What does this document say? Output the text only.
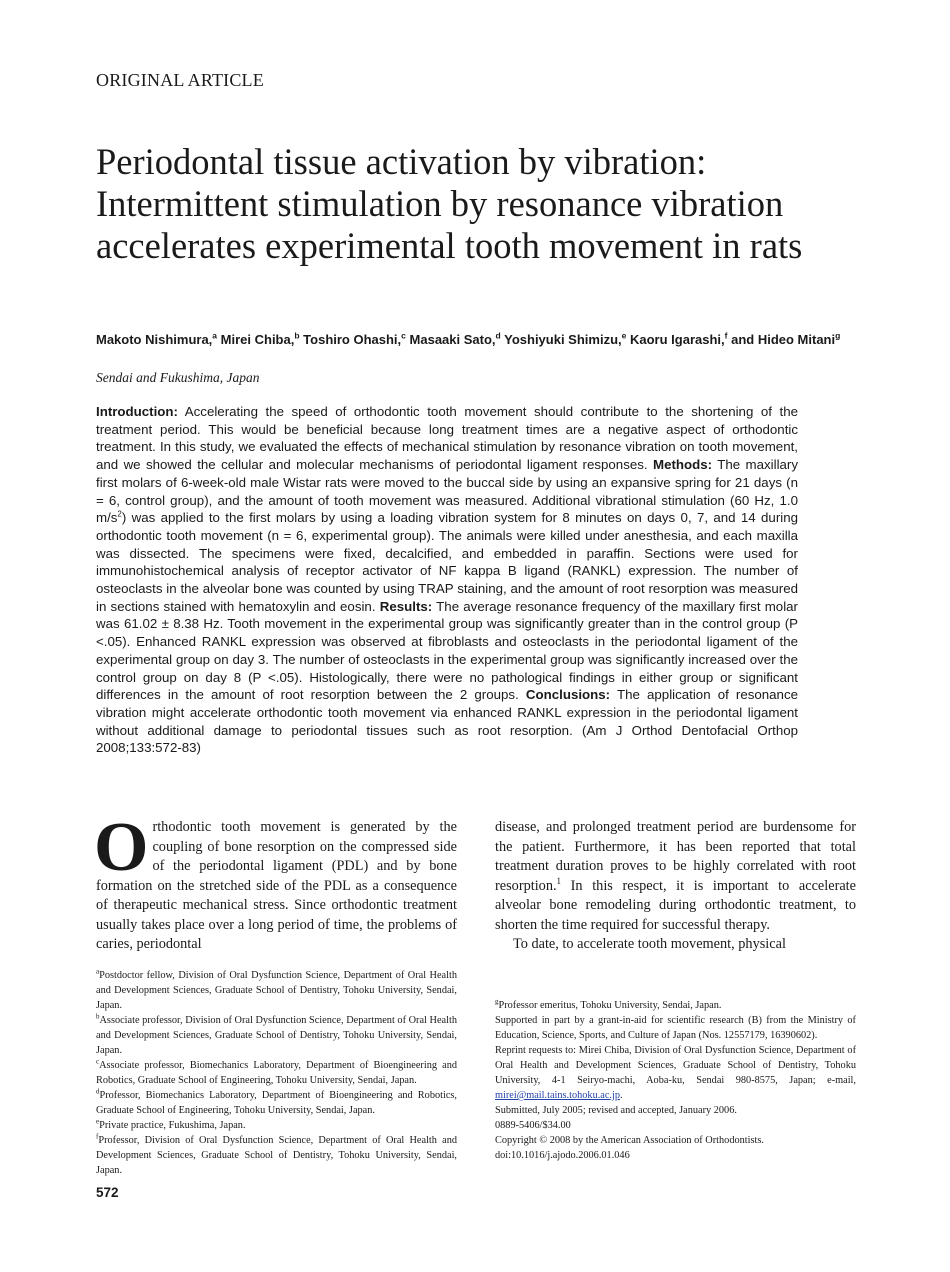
ORIGINAL ARTICLE
Periodontal tissue activation by vibration: Intermittent stimulation by resonance vibration accelerates experimental tooth movement in rats
Makoto Nishimura,$^a$ Mirei Chiba,$^b$ Toshiro Ohashi,$^c$ Masaaki Sato,$^d$ Yoshiyuki Shimizu,$^e$ Kaoru Igarashi,$^f$ and Hideo Mitani$^g$
Sendai and Fukushima, Japan
Introduction: Accelerating the speed of orthodontic tooth movement should contribute to the shortening of the treatment period. This would be beneficial because long treatment times are a negative aspect of orthodontic treatment. In this study, we evaluated the effects of mechanical stimulation by resonance vibration on tooth movement, and we showed the cellular and molecular mechanisms of periodontal ligament responses. Methods: The maxillary first molars of 6-week-old male Wistar rats were moved to the buccal side by using an expansive spring for 21 days (n = 6, control group), and the amount of tooth movement was measured. Additional vibrational stimulation (60 Hz, 1.0 $m/s^2$) was applied to the first molars by using a loading vibration system for 8 minutes on days 0, 7, and 14 during orthodontic tooth movement (n = 6, experimental group). The animals were killed under anesthesia, and each maxilla was dissected. The specimens were fixed, decalcified, and embedded in paraffin. Sections were used for immunohistochemical analysis of receptor activator of NF kappa B ligand (RANKL) expression. The number of osteoclasts in the alveolar bone was counted by using TRAP staining, and the amount of root resorption was measured in sections stained with hematoxylin and eosin. Results: The average resonance frequency of the maxillary first molar was 61.02 ± 8.38 Hz. Tooth movement in the experimental group was significantly greater than in the control group (P <.05). Enhanced RANKL expression was observed at fibroblasts and osteoclasts in the periodontal ligament of the experimental group on day 3. The number of osteoclasts in the experimental group was significantly increased over the control group on day 8 (P <.05). Histologically, there were no pathological findings in either group or significant differences in the amount of root resorption between the 2 groups. Conclusions: The application of resonance vibration might accelerate orthodontic tooth movement via enhanced RANKL expression in the periodontal ligament without additional damage to periodontal tissues such as root resorption. (Am J Orthod Dentofacial Orthop 2008;133:572-83)

Orthodontic tooth movement is generated by the coupling of bone resorption on the compressed side of the periodontal ligament (PDL) and by bone formation on the stretched side of the PDL as a consequence of therapeutic mechanical stress. Since orthodontic treatment usually takes place over a long period of time, the problems of caries, periodontal

disease, and prolonged treatment period are burdensome for the patient. Furthermore, it has been reported that total treatment duration proves to be highly correlated with root resorption.$^1$ In this respect, it is important to accelerate alveolar bone remodeling during orthodontic treatment, to shorten the time required for successful therapy.

To date, to accelerate tooth movement, physical

$^a$Postdoctor fellow, Division of Oral Dysfunction Science, Department of Oral Health and Development Sciences, Graduate School of Dentistry, Tohoku University, Sendai, Japan.
$^b$Associate professor, Division of Oral Dysfunction Science, Department of Oral Health and Development Sciences, Graduate School of Dentistry, Tohoku University, Sendai, Japan.
$^c$Associate professor, Biomechanics Laboratory, Department of Bioengineering and Robotics, Graduate School of Engineering, Tohoku University, Sendai, Japan.
$^d$Professor, Biomechanics Laboratory, Department of Bioengineering and Robotics, Graduate School of Engineering, Tohoku University, Sendai, Japan.
$^e$Private practice, Fukushima, Japan.
$^f$Professor, Division of Oral Dysfunction Science, Department of Oral Health and Development Sciences, Graduate School of Dentistry, Tohoku University, Sendai, Japan.
$^g$Professor emeritus, Tohoku University, Sendai, Japan.
Supported in part by a grant-in-aid for scientific research (B) from the Ministry of Education, Science, Sports, and Culture of Japan (Nos. 12557179, 16390602).
Reprint requests to: Mirei Chiba, Division of Oral Dysfunction Science, Department of Oral Health and Development Sciences, Graduate School of Dentistry, Tohoku University, 4-1 Seiryo-machi, Aoba-ku, Sendai 980-8575, Japan; e-mail, mirei@mail.tains.tohoku.ac.jp.
Submitted, July 2005; revised and accepted, January 2006.
0889-5406/$34.00
Copyright © 2008 by the American Association of Orthodontists.
doi:10.1016/j.ajodo.2006.01.046
572
